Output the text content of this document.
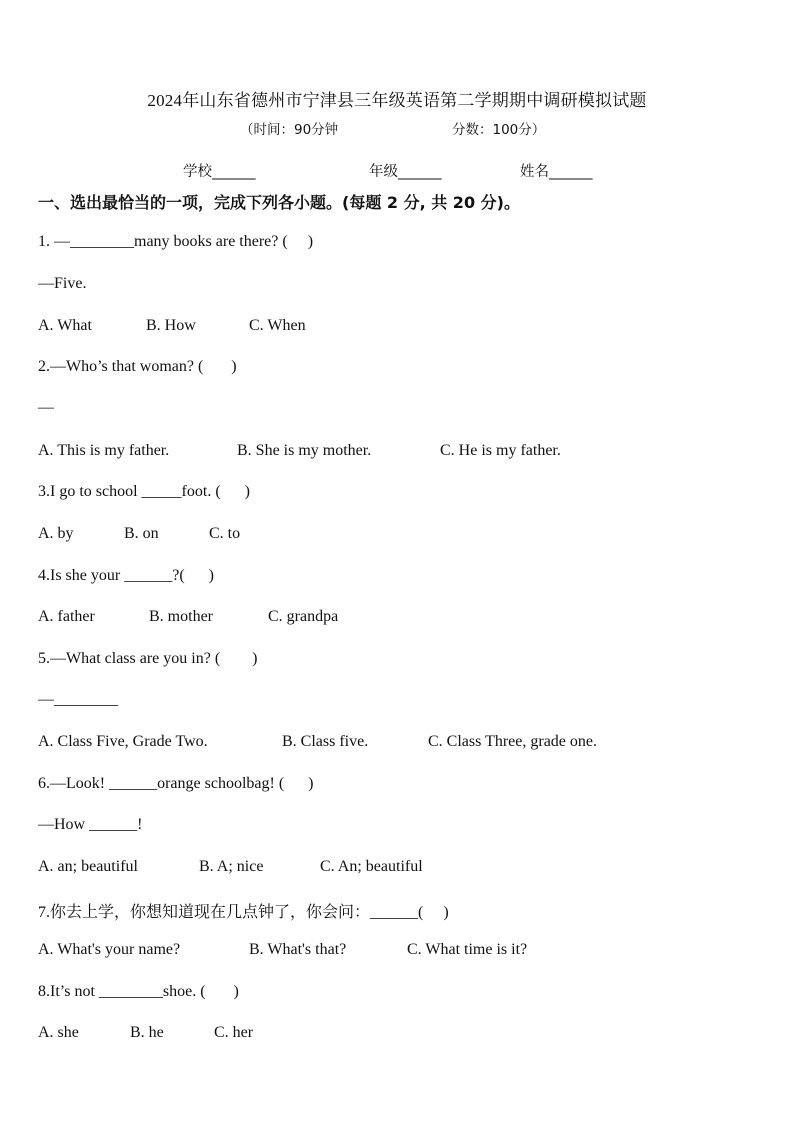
2024年山东省德州市宁津县三年级英语第二学期期中调研模拟试题
（时间：90分钟	分数：100分）
学校______	年级______	姓名______
一、选出最恰当的一项，完成下列各小题。(每题 2 分, 共 20 分)。
1. —________many books are there? (     )
—Five.
A. What	B. How	C. When
2.—Who’s that woman? (       )
—
A. This is my father.	B. She is my mother.	C. He is my father.
3.I go to school _____foot. (      )
A. by	B. on	C. to
4.Is she your ______?(      )
A. father	B. mother	C. grandpa
5.—What class are you in? (        )
—________
A. Class Five, Grade Two.	B. Class five.	C. Class Three, grade one.
6.—Look! ______orange schoolbag! (      )
—How ______!
A. an; beautiful	B. A; nice	C. An; beautiful
7.你去上学，你想知道现在几点钟了，你会问：______(     )
A. What's your name?	B. What's that?	C. What time is it?
8.It’s not ________shoe. (       )
A. she	B. he	C. her
